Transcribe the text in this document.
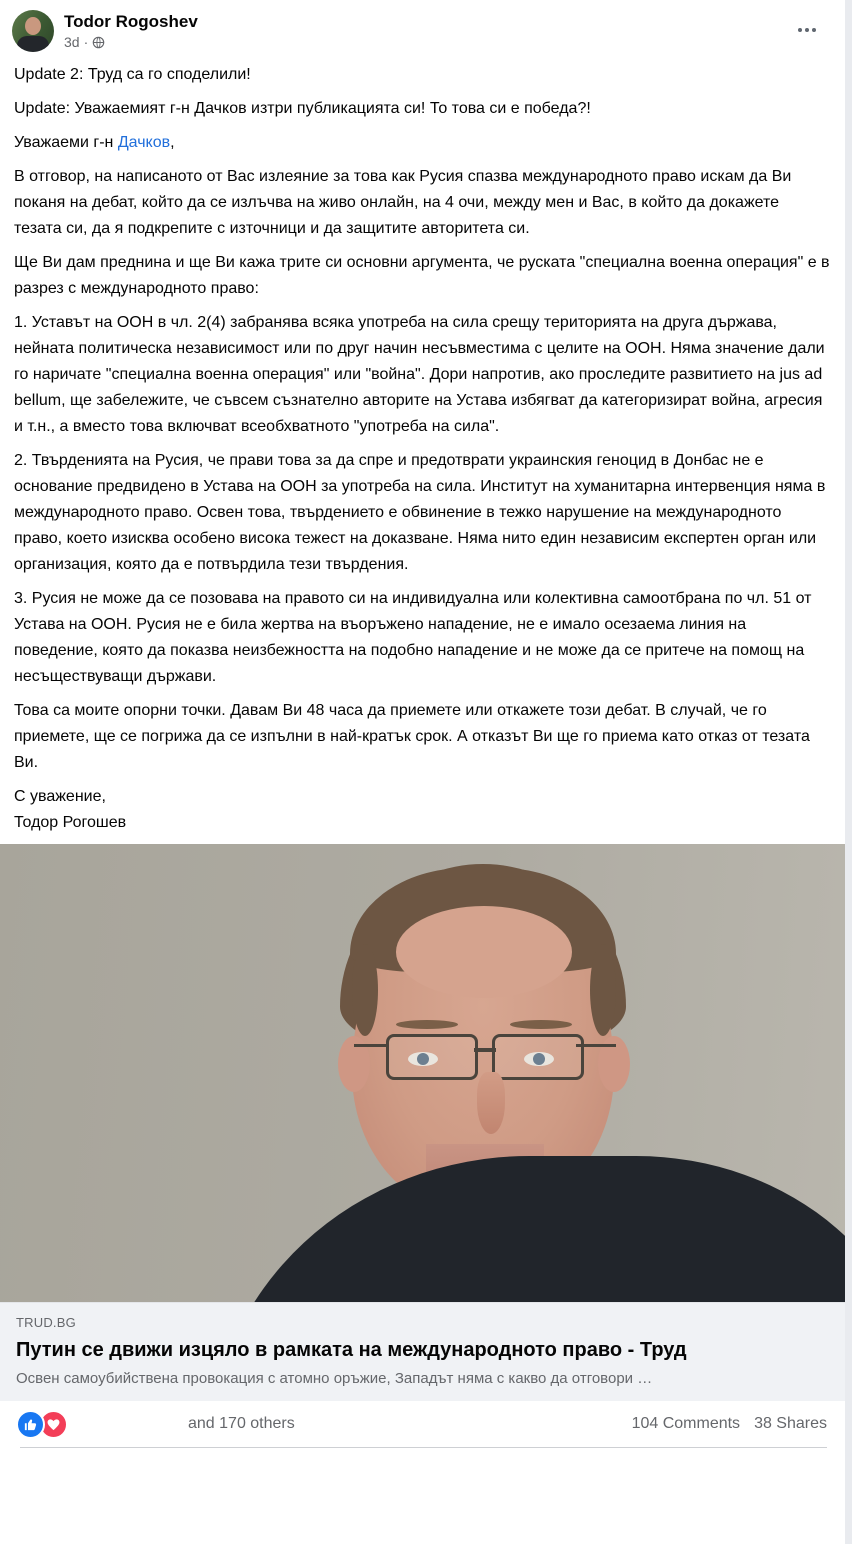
Todor Rogoshev
3d ·

Update 2: Труд са го споделили!

Update: Уважаемият г-н Дачков изтри публикацията си! То това си е победа?!

Уважаеми г-н Дачков,

В отговор, на написаното от Вас излеяние за това как Русия спазва международното право искам да Ви поканя на дебат, който да се излъчва на живо онлайн, на 4 очи, между мен и Вас, в който да докажете тезата си, да я подкрепите с източници и да защитите авторитета си.

Ще Ви дам преднина и ще Ви кажа трите си основни аргумента, че руската "специална военна операция" е в разрез с международното право:

1. Уставът на ООН в чл. 2(4) забранява всяка употреба на сила срещу територията на друга държава, нейната политическа независимост или по друг начин несъвместима с целите на ООН. Няма значение дали го наричате "специална военна операция" или "война". Дори напротив, ако проследите развитието на jus ad bellum, ще забележите, че съвсем съзнателно авторите на Устава избягват да категоризират война, агресия и т.н., а вместо това включват всеобхватното "употреба на сила".

2. Твърденията на Русия, че прави това за да спре и предотврати украинския геноцид в Донбас не е основание предвидено в Устава на ООН за употреба на сила. Институт на хуманитарна интервенция няма в международното право. Освен това, твърдението е обвинение в тежко нарушение на международното право, което изисква особено висока тежест на доказване. Няма нито един независим експертен орган или организация, която да е потвърдила тези твърдения.

3. Русия не може да се позовава на правото си на индивидуална или колективна самоотбрана по чл. 51 от Устава на ООН. Русия не е била жертва на въоръжено нападение, не е имало осезаема линия на поведение, която да показва неизбежността на подобно нападение и не може да се притече на помощ на несъществуващи държави.

Това са моите опорни точки. Давам Ви 48 часа да приемете или откажете този дебат. В случай, че го приемете, ще се погрижа да се изпълни в най-кратък срок. А отказът Ви ще го приема като отказ от тезата Ви.

С уважение,
Тодор Рогошев

TRUD.BG
Путин се движи изцяло в рамката на международното право - Труд
Освен самоубийствена провокация с атомно оръжие, Западът няма с какво да отговори …
and 170 others	104 Comments 38 Shares
